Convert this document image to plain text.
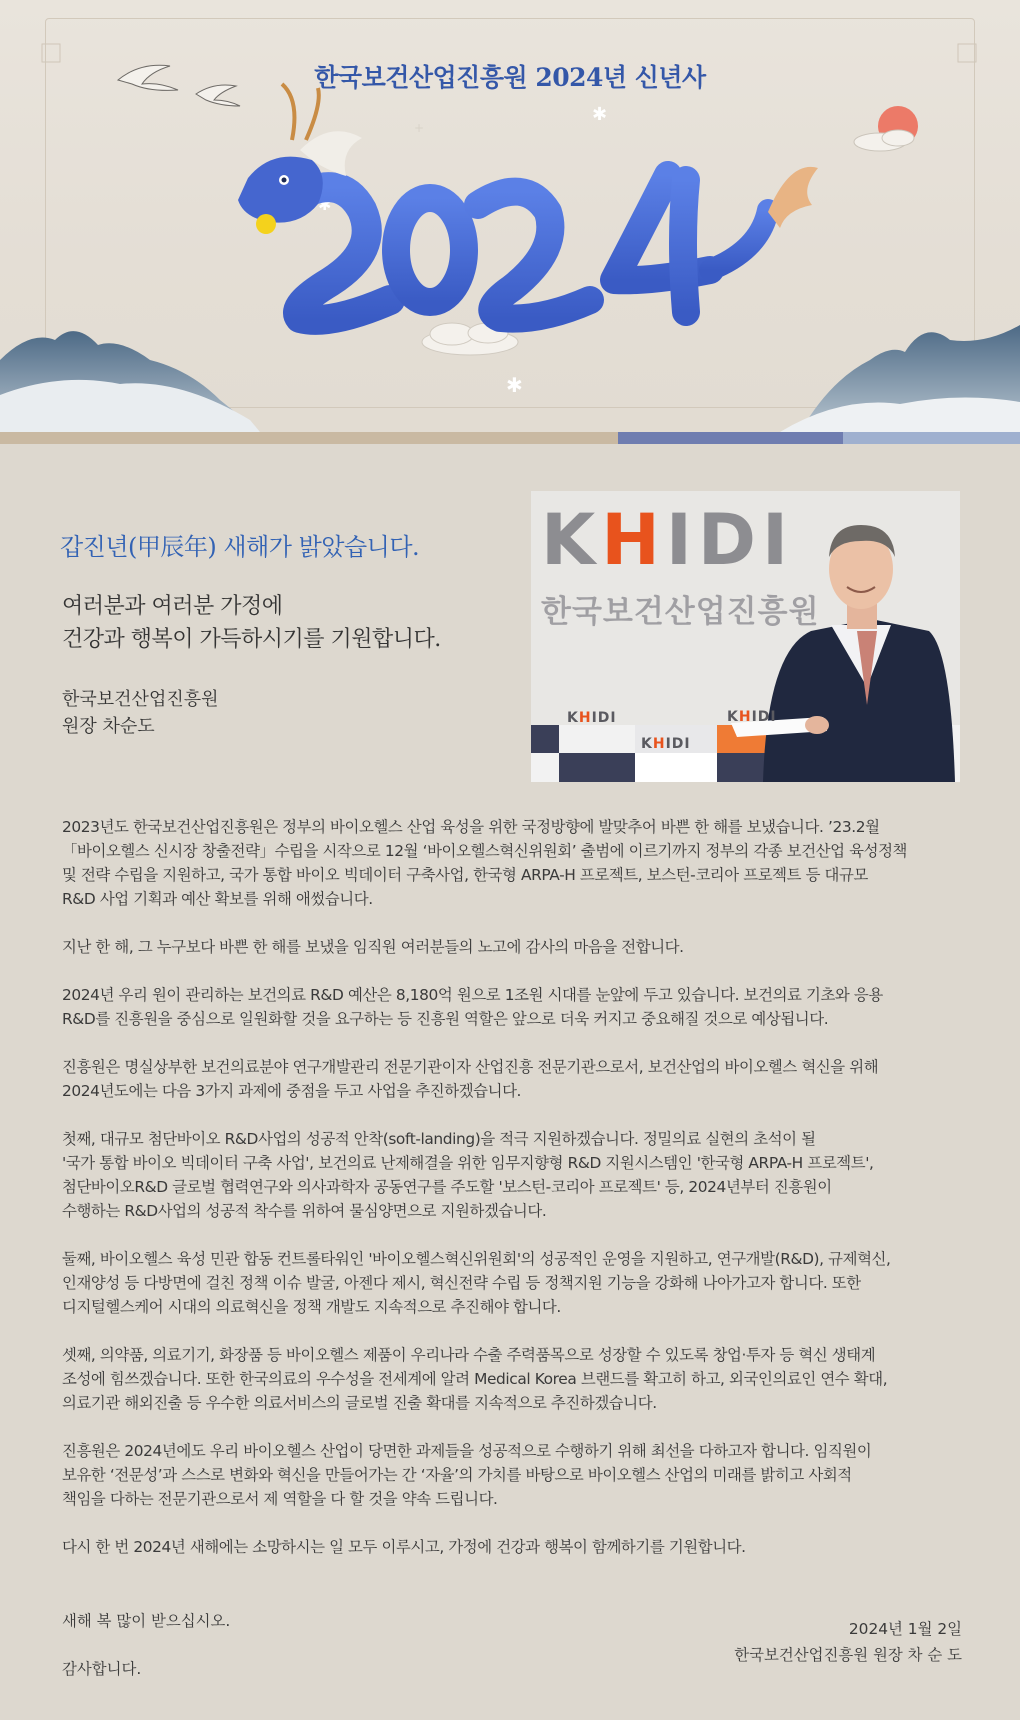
✱
✱
✱
+
한국보건산업진흥원 2024년 신년사
갑진년(甲辰年) 새해가 밝았습니다.
여러분과 여러분 가정에
건강과 행복이 가득하시기를 기원합니다.
한국보건산업진흥원
원장 차순도
KHIDI
한국보건산업진흥원
KHIDI
KHIDI
KHIDI

2023년도 한국보건산업진흥원은 정부의 바이오헬스 산업 육성을 위한 국정방향에 발맞추어 바쁜 한 해를 보냈습니다. ’23.2월
「바이오헬스 신시장 창출전략」수립을 시작으로 12월 ‘바이오헬스혁신위원회’ 출범에 이르기까지 정부의 각종 보건산업 육성정책
및 전략 수립을 지원하고, 국가 통합 바이오 빅데이터 구축사업, 한국형 ARPA-H 프로젝트, 보스턴-코리아 프로젝트 등 대규모
R&D 사업 기획과 예산 확보를 위해 애썼습니다.

지난 한 해, 그 누구보다 바쁜 한 해를 보냈을 임직원 여러분들의 노고에 감사의 마음을 전합니다.

2024년 우리 원이 관리하는 보건의료 R&D 예산은 8,180억 원으로 1조원 시대를 눈앞에 두고 있습니다. 보건의료 기초와 응용
R&D를 진흥원을 중심으로 일원화할 것을 요구하는 등 진흥원 역할은 앞으로 더욱 커지고 중요해질 것으로 예상됩니다.

진흥원은 명실상부한 보건의료분야 연구개발관리 전문기관이자 산업진흥 전문기관으로서, 보건산업의 바이오헬스 혁신을 위해
2024년도에는 다음 3가지 과제에 중점을 두고 사업을 추진하겠습니다.

첫째, 대규모 첨단바이오 R&D사업의 성공적 안착(soft-landing)을 적극 지원하겠습니다. 정밀의료 실현의 초석이 될
'국가 통합 바이오 빅데이터 구축 사업', 보건의료 난제해결을 위한 임무지향형 R&D 지원시스템인 '한국형 ARPA-H 프로젝트',
첨단바이오R&D 글로벌 협력연구와 의사과학자 공동연구를 주도할 '보스턴-코리아 프로젝트' 등, 2024년부터 진흥원이
수행하는 R&D사업의 성공적 착수를 위하여 물심양면으로 지원하겠습니다.

둘째, 바이오헬스 육성 민관 합동 컨트롤타워인 '바이오헬스혁신위원회'의 성공적인 운영을 지원하고, 연구개발(R&D), 규제혁신,
인재양성 등 다방면에 걸친 정책 이슈 발굴, 아젠다 제시, 혁신전략 수립 등 정책지원 기능을 강화해 나아가고자 합니다. 또한
디지털헬스케어 시대의 의료혁신을 정책 개발도 지속적으로 추진해야 합니다.

셋째, 의약품, 의료기기, 화장품 등 바이오헬스 제품이 우리나라 수출 주력품목으로 성장할 수 있도록 창업·투자 등 혁신 생태계
조성에 힘쓰겠습니다. 또한 한국의료의 우수성을 전세계에 알려 Medical Korea 브랜드를 확고히 하고, 외국인의료인 연수 확대,
의료기관 해외진출 등 우수한 의료서비스의 글로벌 진출 확대를 지속적으로 추진하겠습니다.

진흥원은 2024년에도 우리 바이오헬스 산업이 당면한 과제들을 성공적으로 수행하기 위해 최선을 다하고자 합니다. 임직원이
보유한 ‘전문성’과 스스로 변화와 혁신을 만들어가는 간 ‘자율’의 가치를 바탕으로 바이오헬스 산업의 미래를 밝히고 사회적
책임을 다하는 전문기관으로서 제 역할을 다 할 것을 약속 드립니다.

다시 한 번 2024년 새해에는 소망하시는 일 모두 이루시고, 가정에 건강과 행복이 함께하기를 기원합니다.

새해 복 많이 받으십시오.

감사합니다.

2024년 1월 2일
한국보건산업진흥원 원장 차 순 도
